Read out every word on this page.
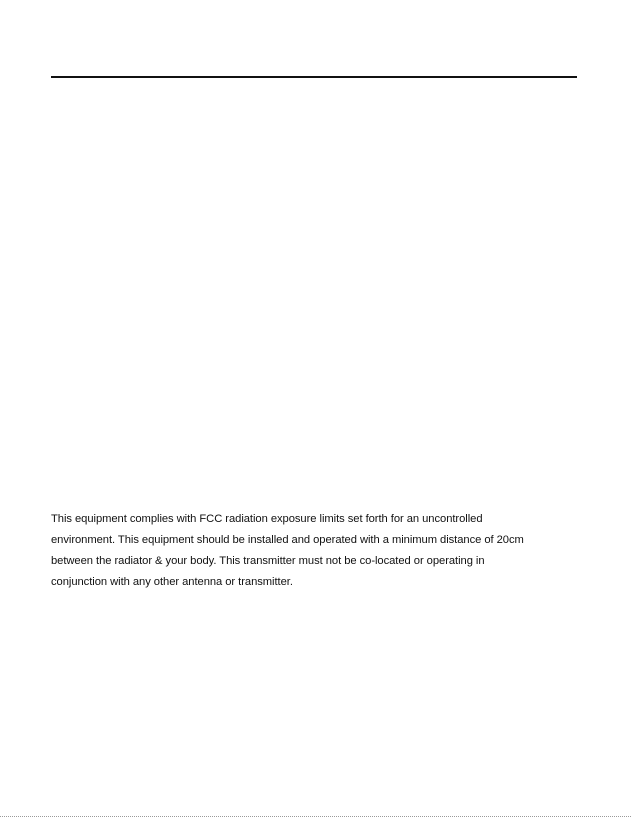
This equipment complies with FCC radiation exposure limits set forth for an uncontrolled
environment. This equipment should be installed and operated with a minimum distance of 20cm
between the radiator & your body. This transmitter must not be co-located or operating in
conjunction with any other antenna or transmitter.
